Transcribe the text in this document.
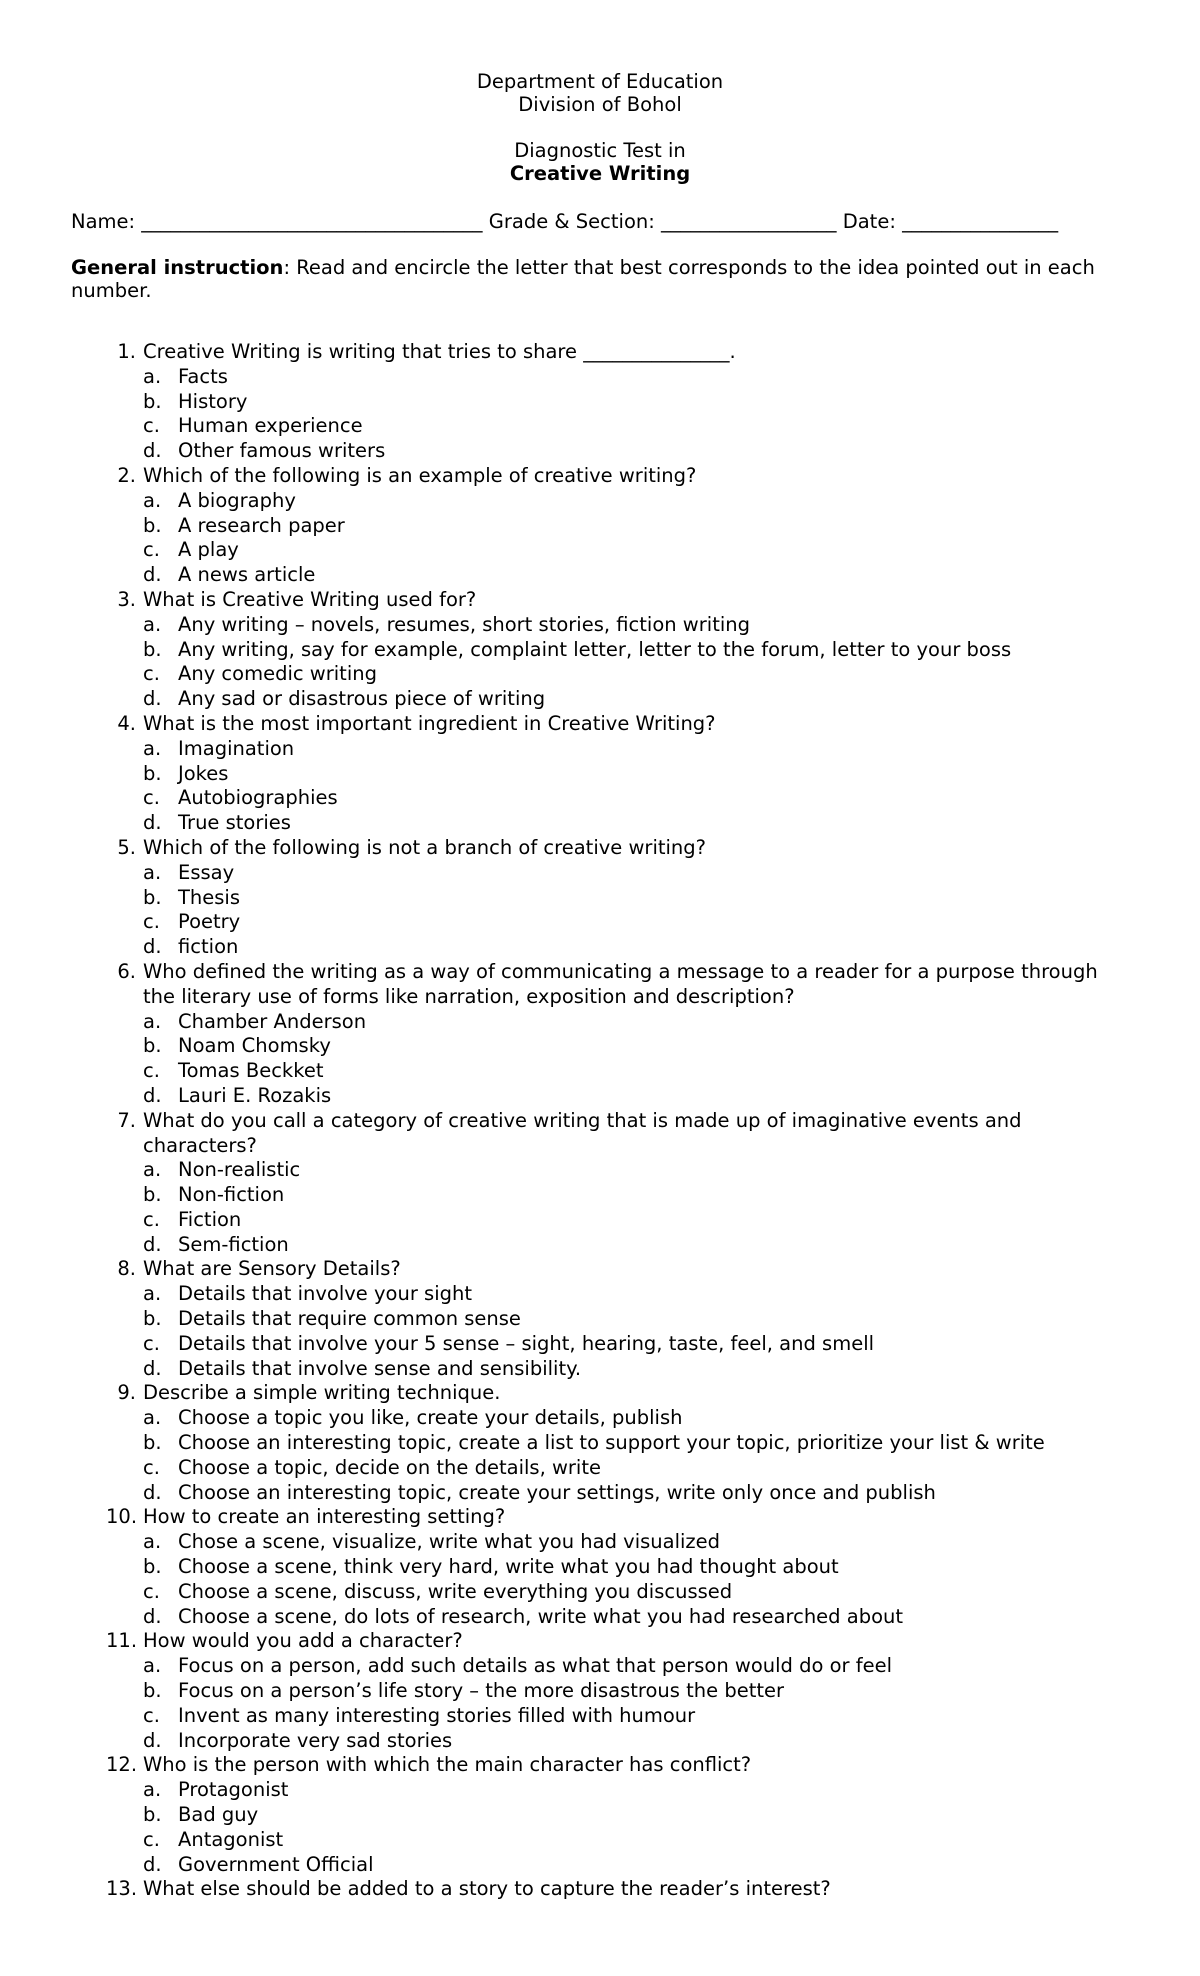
Department of Education
Division of Bohol
Diagnostic Test in
Creative Writing
Name: ___________________________________ Grade & Section: __________________ Date: ________________
General instruction: Read and encircle the letter that best corresponds to the idea pointed out in each number.
1. Creative Writing is writing that tries to share _______________.
a. Facts
b. History
c. Human experience
d. Other famous writers
2. Which of the following is an example of creative writing?
a. A biography
b. A research paper
c. A play
d. A news article
3. What is Creative Writing used for?
a. Any writing – novels, resumes, short stories, fiction writing
b. Any writing, say for example, complaint letter, letter to the forum, letter to your boss
c. Any comedic writing
d. Any sad or disastrous piece of writing
4. What is the most important ingredient in Creative Writing?
a. Imagination
b. Jokes
c. Autobiographies
d. True stories
5. Which of the following is not a branch of creative writing?
a. Essay
b. Thesis
c. Poetry
d. fiction
6. Who defined the writing as a way of communicating a message to a reader for a purpose through the literary use of forms like narration, exposition and description?
a. Chamber Anderson
b. Noam Chomsky
c. Tomas Beckket
d. Lauri E. Rozakis
7. What do you call a category of creative writing that is made up of imaginative events and characters?
a. Non-realistic
b. Non-fiction
c. Fiction
d. Sem-fiction
8. What are Sensory Details?
a. Details that involve your sight
b. Details that require common sense
c. Details that involve your 5 sense – sight, hearing, taste, feel, and smell
d. Details that involve sense and sensibility.
9. Describe a simple writing technique.
a. Choose a topic you like, create your details, publish
b. Choose an interesting topic, create a list to support your topic, prioritize your list & write
c. Choose a topic, decide on the details, write
d. Choose an interesting topic, create your settings, write only once and publish
10. How to create an interesting setting?
a. Chose a scene, visualize, write what you had visualized
b. Choose a scene, think very hard, write what you had thought about
c. Choose a scene, discuss, write everything you discussed
d. Choose a scene, do lots of research, write what you had researched about
11. How would you add a character?
a. Focus on a person, add such details as what that person would do or feel
b. Focus on a person’s life story – the more disastrous the better
c. Invent as many interesting stories filled with humour
d. Incorporate very sad stories
12. Who is the person with which the main character has conflict?
a. Protagonist
b. Bad guy
c. Antagonist
d. Government Official
13. What else should be added to a story to capture the reader’s interest?
